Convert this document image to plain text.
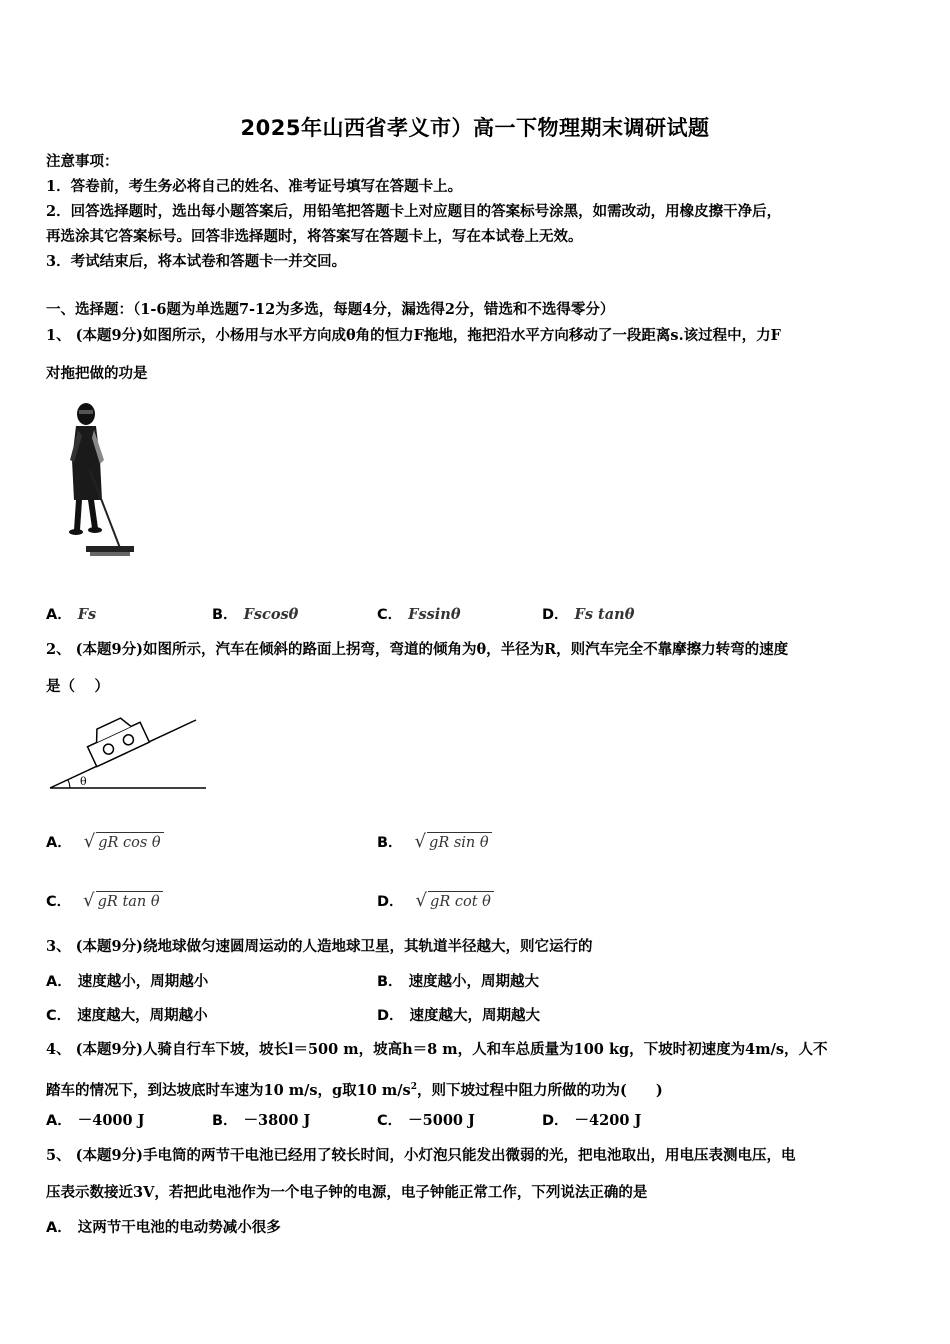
2025年山西省孝义市）高一下物理期末调研试题
注意事项：
1．答卷前，考生务必将自己的姓名、准考证号填写在答题卡上。
2．回答选择题时，选出每小题答案后，用铅笔把答题卡上对应题目的答案标号涂黑，如需改动，用橡皮擦干净后，
再选涂其它答案标号。回答非选择题时，将答案写在答题卡上，写在本试卷上无效。
3．考试结束后，将本试卷和答题卡一并交回。
一、选择题：（1-6题为单选题7-12为多选，每题4分，漏选得2分，错选和不选得零分）
1、 (本题9分)如图所示，小杨用与水平方向成θ角的恒力F拖地，拖把沿水平方向移动了一段距离s.该过程中，力F
对拖把做的功是
A． Fs	B． Fscosθ	C． Fssinθ	D． Fs tanθ
2、 (本题9分)如图所示，汽车在倾斜的路面上拐弯，弯道的倾角为θ，半径为R，则汽车完全不靠摩擦力转弯的速度
是（　 ）
θ
A． √ gR cos θ	B． √ gR sin θ
C． √ gR tan θ	D． √ gR cot θ
3、 (本题9分)绕地球做匀速圆周运动的人造地球卫星，其轨道半径越大，则它运行的
A． 速度越小，周期越小	B． 速度越小，周期越大
C． 速度越大，周期越小	D． 速度越大，周期越大
4、 (本题9分)人骑自行车下坡，坡长l＝500 m，坡高h＝8 m，人和车总质量为100 kg，下坡时初速度为4m/s，人不
踏车的情况下，到达坡底时车速为10 m/s，g取10 $m/s^2$，则下坡过程中阻力所做的功为(　　)
A． －4000 J	B． －3800 J	C． －5000 J	D． －4200 J
5、 (本题9分)手电筒的两节干电池已经用了较长时间，小灯泡只能发出微弱的光，把电池取出，用电压表测电压，电
压表示数接近3V，若把此电池作为一个电子钟的电源，电子钟能正常工作，下列说法正确的是
A． 这两节干电池的电动势减小很多
